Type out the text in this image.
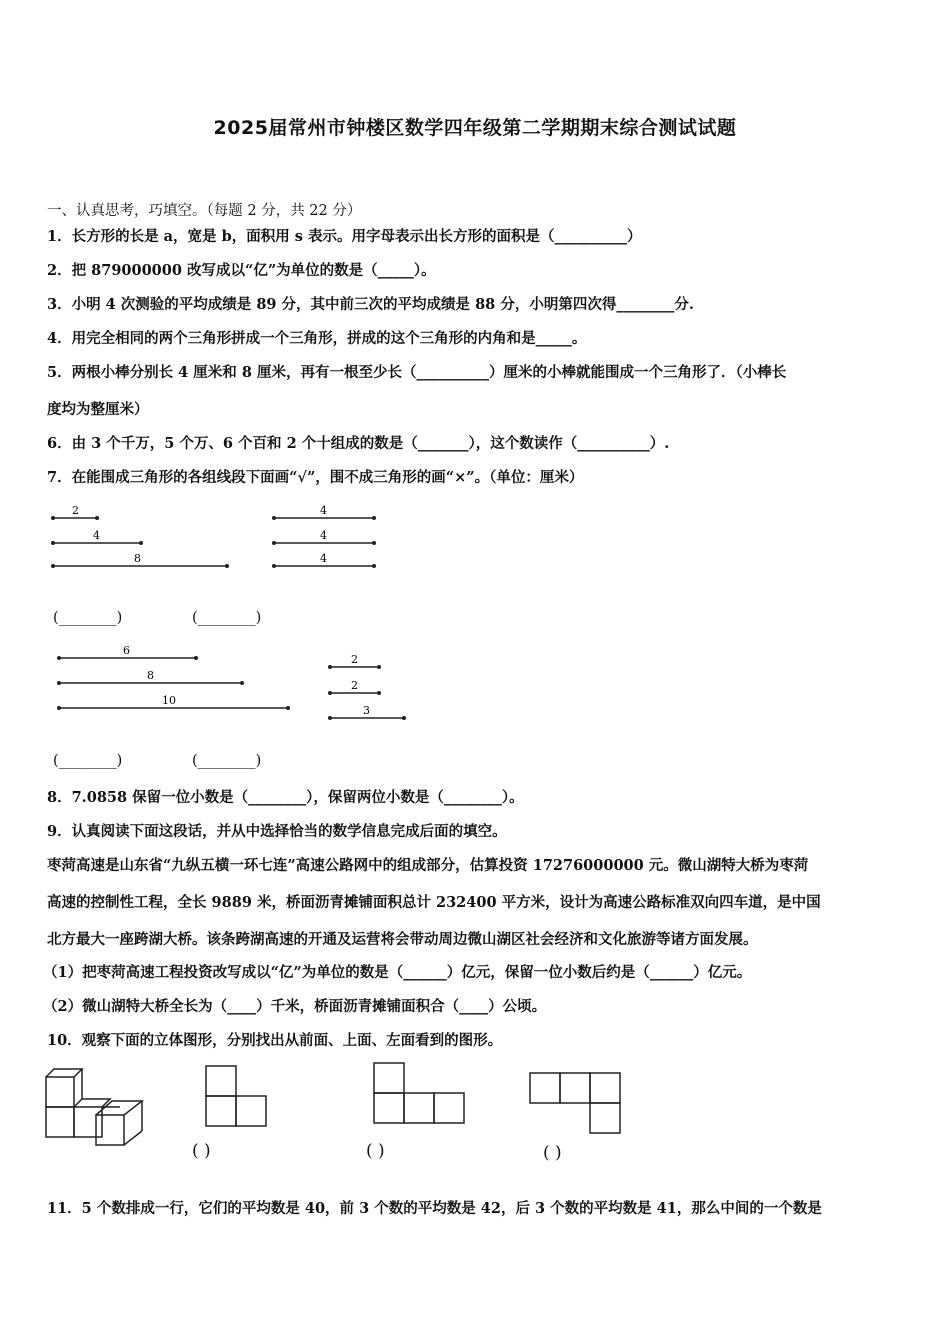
2025届常州市钟楼区数学四年级第二学期期末综合测试试题
一、认真思考，巧填空。（每题 2 分，共 22 分）
1．长方形的长是 a，宽是 b，面积用 s 表示。用字母表示出长方形的面积是（__________）
2．把 879000000 改写成以“亿”为单位的数是（_____）。
3．小明 4 次测验的平均成绩是 89 分，其中前三次的平均成绩是 88 分，小明第四次得________分.
4．用完全相同的两个三角形拼成一个三角形，拼成的这个三角形的内角和是_____。
5．两根小棒分别长 4 厘米和 8 厘米，再有一根至少长（__________）厘米的小棒就能围成一个三角形了．（小棒长
度均为整厘米）
6．由 3 个千万，5 个万、6 个百和 2 个十组成的数是（_______），这个数读作（__________）.
7．在能围成三角形的各组线段下面画“√”，围不成三角形的画“×”。（单位：厘米）
2
4
8
4
4
4
(________)	(________)
6
8
10
2
2
3
(________)	(________)
8．7.0858 保留一位小数是（________），保留两位小数是（________）。
9．认真阅读下面这段话，并从中选择恰当的数学信息完成后面的填空。
枣菏高速是山东省“九纵五横一环七连”高速公路网中的组成部分，估算投资 17276000000 元。微山湖特大桥为枣菏
高速的控制性工程，全长 9889 米，桥面沥青摊铺面积总计 232400 平方米，设计为高速公路标准双向四车道，是中国
北方最大一座跨湖大桥。该条跨湖高速的开通及运营将会带动周边微山湖区社会经济和文化旅游等诸方面发展。
（1）把枣菏高速工程投资改写成以“亿”为单位的数是（______）亿元，保留一位小数后约是（______）亿元。
（2）微山湖特大桥全长为（____）千米，桥面沥青摊铺面积合（____）公顷。
10．观察下面的立体图形，分别找出从前面、上面、左面看到的图形。
( )	( )	( )
11．5 个数排成一行，它们的平均数是 40，前 3 个数的平均数是 42，后 3 个数的平均数是 41，那么中间的一个数是
